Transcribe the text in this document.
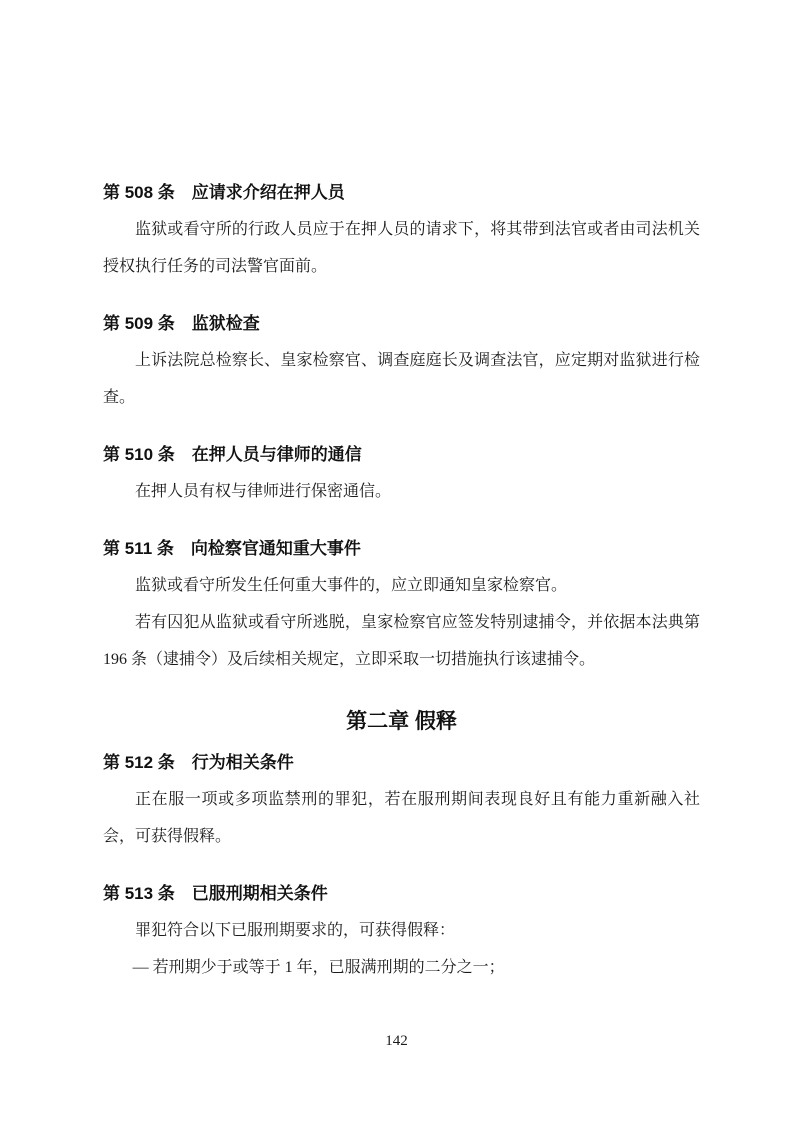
第 508 条　应请求介绍在押人员

监狱或看守所的行政人员应于在押人员的请求下，将其带到法官或者由司法机关授权执行任务的司法警官面前。

第 509 条　监狱检查

上诉法院总检察长、皇家检察官、调查庭庭长及调查法官，应定期对监狱进行检查。

第 510 条　在押人员与律师的通信

在押人员有权与律师进行保密通信。

第 511 条　向检察官通知重大事件

监狱或看守所发生任何重大事件的，应立即通知皇家检察官。

若有囚犯从监狱或看守所逃脱，皇家检察官应签发特别逮捕令，并依据本法典第 196 条（逮捕令）及后续相关规定，立即采取一切措施执行该逮捕令。

第二章 假释
第 512 条　行为相关条件

正在服一项或多项监禁刑的罪犯，若在服刑期间表现良好且有能力重新融入社会，可获得假释。

第 513 条　已服刑期相关条件

罪犯符合以下已服刑期要求的，可获得假释：

— 若刑期少于或等于 1 年，已服满刑期的二分之一；

142
